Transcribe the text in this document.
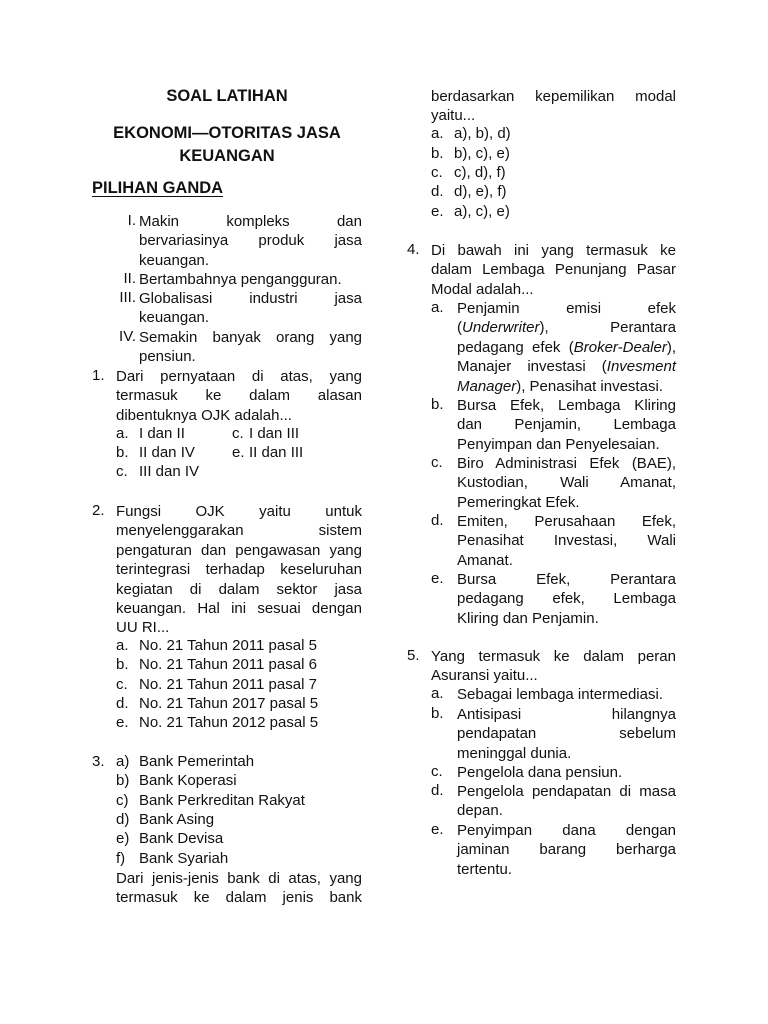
SOAL LATIHAN
EKONOMI—OTORITAS JASA
KEUANGAN
PILIHAN GANDA
I. Makin kompleks dan
bervariasinya produk jasa
keuangan.
II. Bertambahnya pengangguran.
III. Globalisasi industri jasa
keuangan.
IV. Semakin banyak orang yang
pensiun.
1. Dari pernyataan di atas, yang
termasuk ke dalam alasan
dibentuknya OJK adalah...
a. I dan II	c. I dan III
b. II dan IV e. II dan III
c. III dan IV
2. Fungsi OJK yaitu untuk
menyelenggarakan sistem
pengaturan dan pengawasan yang
terintegrasi terhadap keseluruhan
kegiatan di dalam sektor jasa
keuangan. Hal ini sesuai dengan
UU RI...
a. No. 21 Tahun 2011 pasal 5
b. No. 21 Tahun 2011 pasal 6
c. No. 21 Tahun 2011 pasal 7
d. No. 21 Tahun 2017 pasal 5
e. No. 21 Tahun 2012 pasal 5
3. a) Bank Pemerintah
b) Bank Koperasi
c) Bank Perkreditan Rakyat
d) Bank Asing
e) Bank Devisa
f) Bank Syariah
Dari jenis-jenis bank di atas, yang
termasuk ke dalam jenis bank
berdasarkan kepemilikan modal
yaitu...
a. a), b), d)
b. b), c), e)
c. c), d), f)
d. d), e), f)
e. a), c), e)
4. Di bawah ini yang termasuk ke
dalam Lembaga Penunjang Pasar
Modal adalah...
a. Penjamin emisi efek
(Underwriter), Perantara
pedagang efek (Broker-Dealer),
Manajer investasi (Invesment
Manager), Penasihat investasi.
b. Bursa Efek, Lembaga Kliring
dan Penjamin, Lembaga
Penyimpan dan Penyelesaian.
c. Biro Administrasi Efek (BAE),
Kustodian, Wali Amanat,
Pemeringkat Efek.
d. Emiten, Perusahaan Efek,
Penasihat Investasi, Wali
Amanat.
e. Bursa Efek, Perantara
pedagang efek, Lembaga
Kliring dan Penjamin.
5. Yang termasuk ke dalam peran
Asuransi yaitu...
a. Sebagai lembaga intermediasi.
b. Antisipasi hilangnya
pendapatan sebelum
meninggal dunia.
c. Pengelola dana pensiun.
d. Pengelola pendapatan di masa
depan.
e. Penyimpan dana dengan
jaminan barang berharga
tertentu.
